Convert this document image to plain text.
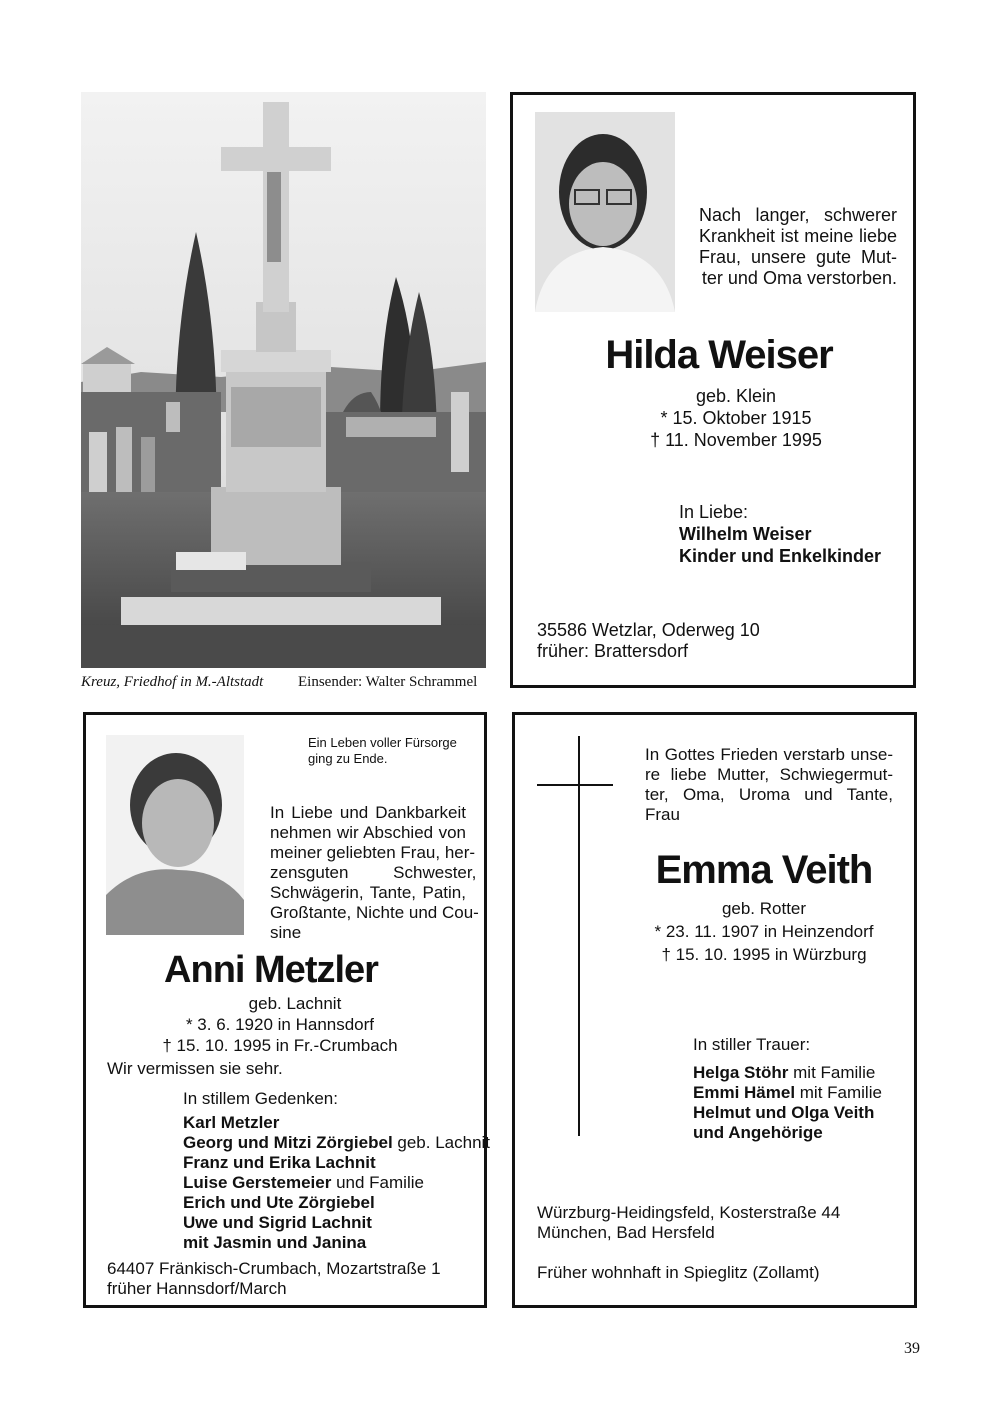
Kreuz, Friedhof in M.-Altstadt Einsender: Walter Schrammel
Nach langer, schwerer
Krankheit ist meine liebe
Frau, unsere gute Mut-
ter und Oma verstorben.
Hilda Weiser
geb. Klein
* 15. Oktober 1915
† 11. November 1995
In Liebe:
Wilhelm Weiser
Kinder und Enkelkinder
35586 Wetzlar, Oderweg 10
früher: Brattersdorf
Ein Leben voller Fürsorge
ging zu Ende.
In Liebe und Dankbarkeit
nehmen wir Abschied von
meiner geliebten Frau, her-
zensguten Schwester,
Schwägerin, Tante, Patin,
Großtante, Nichte und Cou-
sine
Anni Metzler
geb. Lachnit
* 3. 6. 1920 in Hannsdorf
† 15. 10. 1995 in Fr.-Crumbach
Wir vermissen sie sehr.
In stillem Gedenken:
Karl Metzler
Georg und Mitzi Zörgiebel geb. Lachnit
Franz und Erika Lachnit
Luise Gerstemeier und Familie
Erich und Ute Zörgiebel
Uwe und Sigrid Lachnit
mit Jasmin und Janina
64407 Fränkisch-Crumbach, Mozartstraße 1
früher Hannsdorf/March
In Gottes Frieden verstarb unse-
re liebe Mutter, Schwiegermut-
ter, Oma, Uroma und Tante,
Frau
Emma Veith
geb. Rotter
* 23. 11. 1907 in Heinzendorf
† 15. 10. 1995 in Würzburg
In stiller Trauer:
Helga Stöhr mit Familie
Emmi Hämel mit Familie
Helmut und Olga Veith
und Angehörige
Würzburg-Heidingsfeld, Kosterstraße 44
München, Bad Hersfeld
Früher wohnhaft in Spieglitz (Zollamt)
39
